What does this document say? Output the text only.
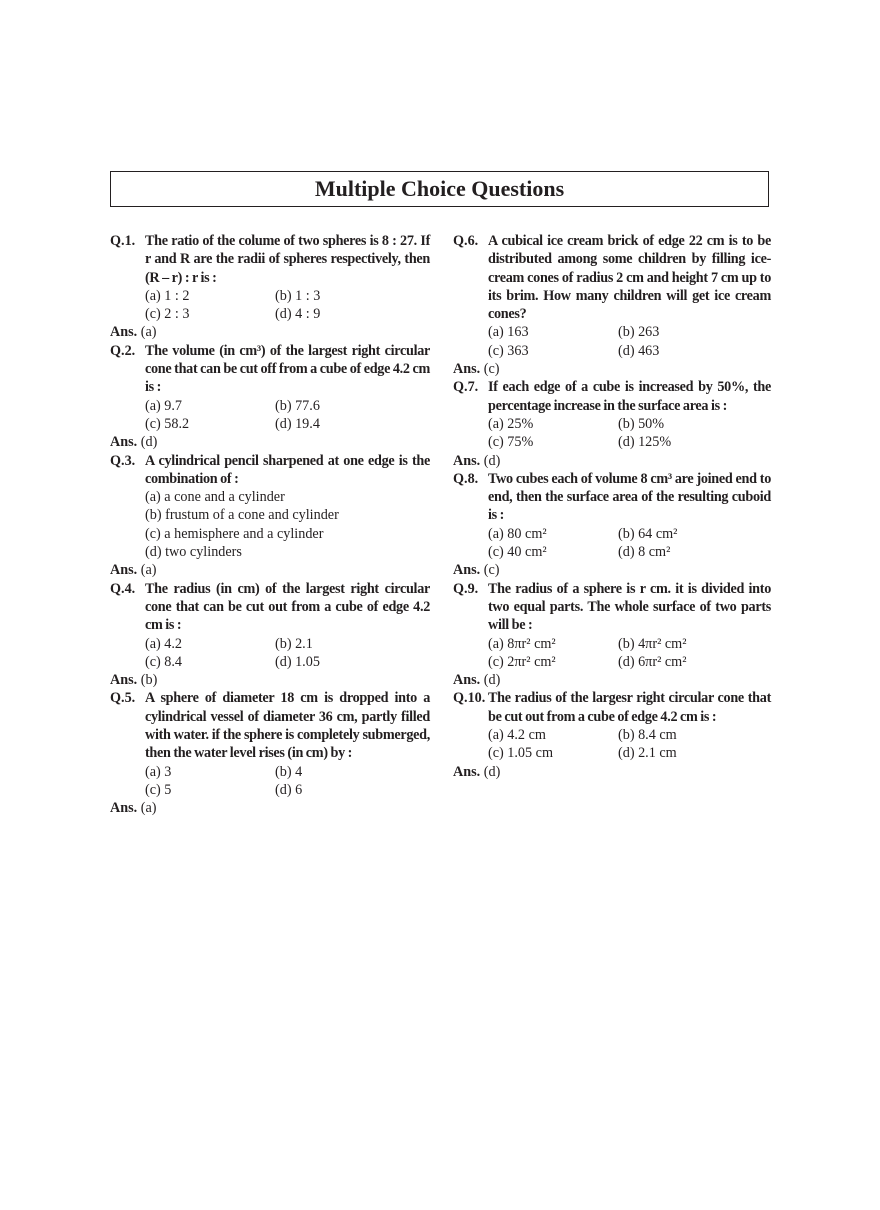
Multiple Choice Questions
Q.1. The ratio of the colume of two spheres is 8 : 27. If r and R are the radii of spheres respectively, then (R – r) : r is :
(a) 1 : 2	(b) 1 : 3
(c) 2 : 3	(d) 4 : 9
Ans. (a)
Q.2. The volume (in cm³) of the largest right circular cone that can be cut off from a cube of edge 4.2 cm is :
(a) 9.7	(b) 77.6
(c) 58.2	(d) 19.4
Ans. (d)
Q.3. A cylindrical pencil sharpened at one edge is the combination of :
(a) a cone and a cylinder
(b) frustum of a cone and cylinder
(c) a hemisphere and a cylinder
(d) two cylinders
Ans. (a)
Q.4. The radius (in cm) of the largest right circular cone that can be cut out from a cube of edge 4.2 cm is :
(a) 4.2	(b) 2.1
(c) 8.4	(d) 1.05
Ans. (b)
Q.5. A sphere of diameter 18 cm is dropped into a cylindrical vessel of diameter 36 cm, partly filled with water. if the sphere is completely submerged, then the water level rises (in cm) by :
(a) 3	(b) 4
(c) 5	(d) 6
Ans. (a)
Q.6. A cubical ice cream brick of edge 22 cm is to be distributed among some children by filling ice-cream cones of radius 2 cm and height 7 cm up to its brim. How many children will get ice cream cones?
(a) 163	(b) 263
(c) 363	(d) 463
Ans. (c)
Q.7. If each edge of a cube is increased by 50%, the percentage increase in the surface area is :
(a) 25%	(b) 50%
(c) 75%	(d) 125%
Ans. (d)
Q.8. Two cubes each of volume 8 cm³ are joined end to end, then the surface area of the resulting cuboid is :
(a) 80 cm²	(b) 64 cm²
(c) 40 cm²	(d) 8 cm²
Ans. (c)
Q.9. The radius of a sphere is r cm. it is divided into two equal parts. The whole surface of two parts will be :
(a) 8πr² cm²	(b) 4πr² cm²
(c) 2πr² cm²	(d) 6πr² cm²
Ans. (d)
Q.10. The radius of the largesr right circular cone that be cut out from a cube of edge 4.2 cm is :
(a) 4.2 cm	(b) 8.4 cm
(c) 1.05 cm	(d) 2.1 cm
Ans. (d)
